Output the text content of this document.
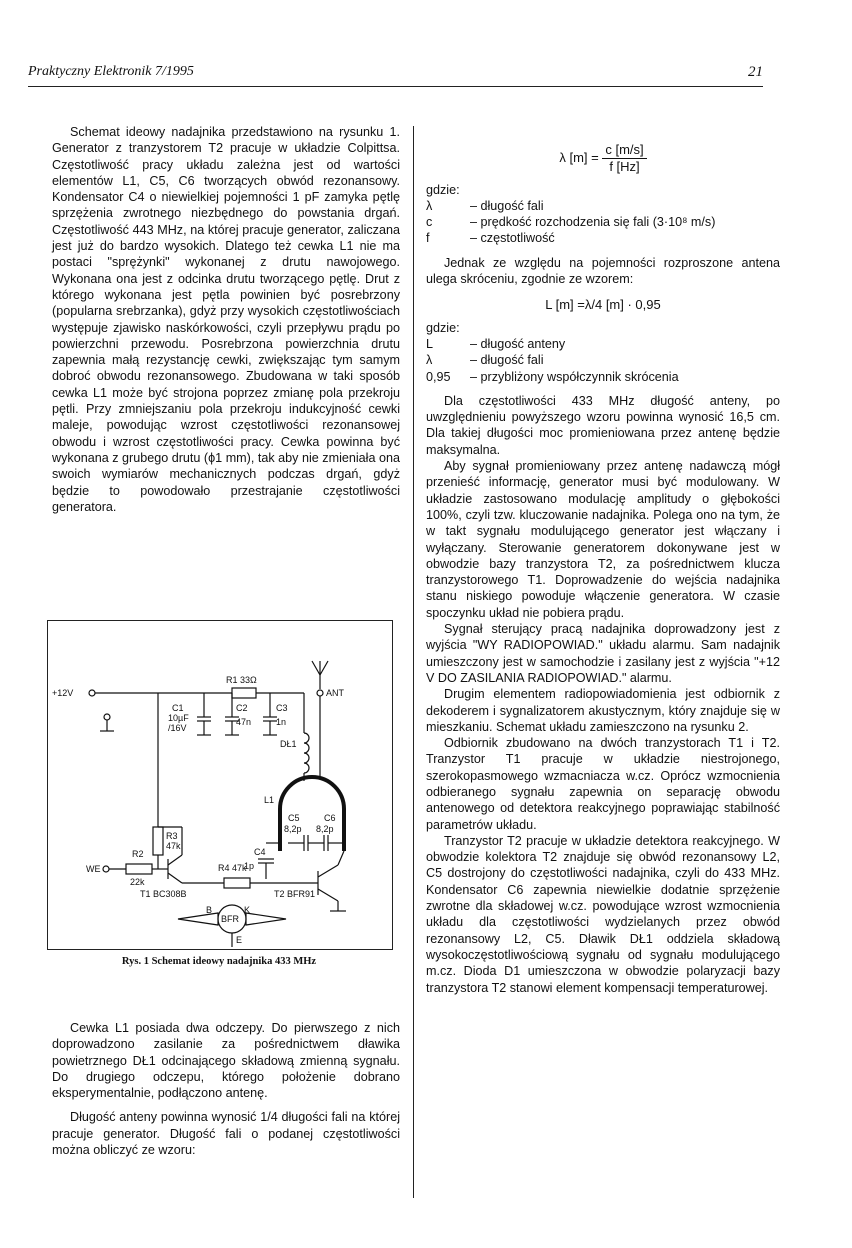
Praktyczny Elektronik 7/1995	21

Schemat ideowy nadajnika przedstawiono na rysunku 1. Generator z tranzystorem T2 pracuje w układzie Colpittsa. Częstotliwość pracy układu zależna jest od wartości elementów L1, C5, C6 tworzących obwód rezonansowy. Kondensator C4 o niewielkiej pojemności 1 pF zamyka pętlę sprzężenia zwrotnego niezbędnego do powstania drgań. Częstotliwość 443 MHz, na której pracuje generator, zaliczana jest już do bardzo wysokich. Dlatego też cewka L1 nie ma postaci "sprężynki" wykonanej z drutu nawojowego. Wykonana ona jest z odcinka drutu tworzącego pętlę. Drut z którego wykonana jest pętla powinien być posrebrzony (popularna srebrzanka), gdyż przy wysokich częstotliwościach występuje zjawisko naskórkowości, czyli przepływu prądu po powierzchni przewodu. Posrebrzona powierzchnia drutu zapewnia małą rezystancję cewki, zwiększając tym samym dobroć obwodu rezonansowego. Zbudowana w taki sposób cewka L1 może być strojona poprzez zmianę pola przekroju pętli. Przy zmniejszaniu pola przekroju indukcyjność cewki maleje, powodując wzrost częstotliwości rezonansowej obwodu i wzrost częstotliwości pracy. Cewka powinna być wykonana z grubego drutu (ϕ1 mm), tak aby nie zmieniała ona swoich wymiarów mechanicznych podczas drgań, gdyż będzie to powodowało przestrajanie częstotliwości generatora.

+12V
R1 33Ω
ANT
C1
10µF
/16V
C2
47n
C3
1n
DŁ1
L1
C5
8,2p
C6
8,2p
C4
1p
R3
47k
R2
22k
R4 47k
WE
T1 BC308B	T2 BFR91
B	K
E
BFR
Rys. 1 Schemat ideowy nadajnika 433 MHz

Cewka L1 posiada dwa odczepy. Do pierwszego z nich doprowadzono zasilanie za pośrednictwem dławika powietrznego DŁ1 odcinającego składową zmienną sygnału. Do drugiego odczepu, którego położenie dobrano eksperymentalnie, podłączono antenę.

Długość anteny powinna wynosić 1/4 długości fali na której pracuje generator. Długość fali o podanej częstotliwości można obliczyć ze wzoru:

λ $[m] = \frac{c [m/s]}{f [Hz]}$
gdzie:
λ	– długość fali
c	– prędkość rozchodzenia się fali (3·10⁸ m/s)
f	– częstotliwość

Jednak ze względu na pojemności rozproszone antena ulega skróceniu, zgodnie ze wzorem:

L [m] =λ/4 [m] · 0,95
gdzie:
L	– długość anteny
λ	– długość fali
0,95	– przybliżony współczynnik skrócenia

Dla częstotliwości 433 MHz długość anteny, po uwzględnieniu powyższego wzoru powinna wynosić 16,5 cm. Dla takiej długości moc promieniowana przez antenę będzie maksymalna.

Aby sygnał promieniowany przez antenę nadawczą mógł przenieść informację, generator musi być modulowany. W układzie zastosowano modulację amplitudy o głębokości 100%, czyli tzw. kluczowanie nadajnika. Polega ono na tym, że w takt sygnału modulującego generator jest włączany i wyłączany. Sterowanie generatorem dokonywane jest w obwodzie bazy tranzystora T2, za pośrednictwem klucza tranzystorowego T1. Doprowadzenie do wejścia nadajnika stanu niskiego powoduje włączenie generatora. W czasie spoczynku układ nie pobiera prądu.

Sygnał sterujący pracą nadajnika doprowadzony jest z wyjścia "WY RADIOPOWIAD." układu alarmu. Sam nadajnik umieszczony jest w samochodzie i zasilany jest z wyjścia "+12 V DO ZASILANIA RADIOPOWIAD." alarmu.

Drugim elementem radiopowiadomienia jest odbiornik z dekoderem i sygnalizatorem akustycznym, który znajduje się w mieszkaniu. Schemat układu zamieszczono na rysunku 2.

Odbiornik zbudowano na dwóch tranzystorach T1 i T2. Tranzystor T1 pracuje w układzie niestrojonego, szerokopasmowego wzmacniacza w.cz. Oprócz wzmocnienia odbieranego sygnału zapewnia on separację obwodu antenowego od detektora reakcyjnego poprawiając stabilność parametrów układu.

Tranzystor T2 pracuje w układzie detektora reakcyjnego. W obwodzie kolektora T2 znajduje się obwód rezonansowy L2, C5 dostrojony do częstotliwości nadajnika, czyli do 433 MHz. Kondensator C6 zapewnia niewielkie dodatnie sprzężenie zwrotne dla składowej w.cz. powodujące wzrost wzmocnienia układu dla częstotliwości wydzielanych przez obwód rezonansowy L2, C5. Dławik DŁ1 oddziela składową wysokoczęstotliwościową sygnału od sygnału modulującego m.cz. Dioda D1 umieszczona w obwodzie polaryzacji bazy tranzystora T2 stanowi element kompensacji temperaturowej.
